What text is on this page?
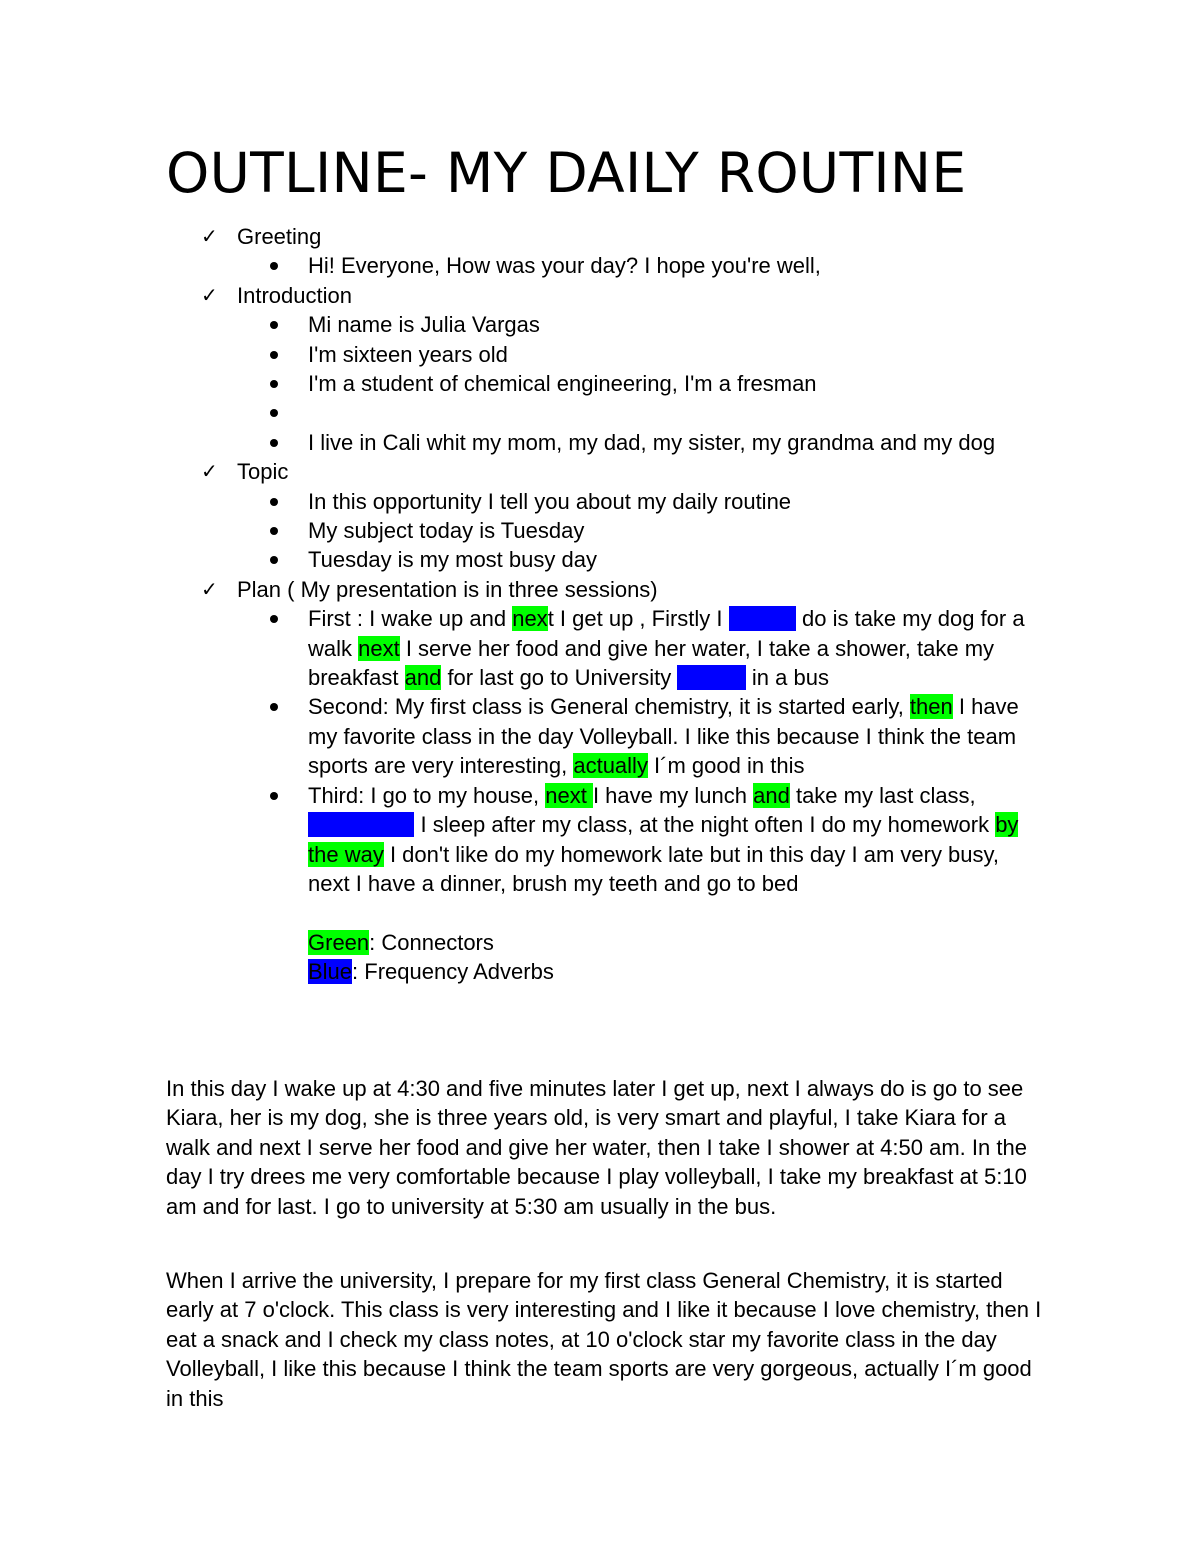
OUTLINE- MY DAILY ROUTINE
✓ Greeting
Hi! Everyone, How was your day? I hope you're well,
✓ Introduction
Mi name is Julia Vargas
I'm sixteen years old
I'm a student of chemical engineering, I'm a fresman
I live in Cali whit my mom, my dad, my sister, my grandma and my dog
✓ Topic
In this opportunity I tell you about my daily routine
My subject today is Tuesday
Tuesday is my most busy day
✓ Plan ( My presentation is in three sessions)
First : I wake up and next I get up , Firstly I always do is take my dog for a walk next I serve her food and give her water, I take a shower, take my breakfast and for last go to University usually in a bus
Second: My first class is General chemistry, it is started early, then I have my favorite class in the day Volleyball. I like this because I think the team sports are very interesting, actually I´m good in this
Third: I go to my house, next I have my lunch and take my last class, sometimes I sleep after my class, at the night often I do my homework by the way I don't like do my homework late but in this day I am very busy, next I have a dinner, brush my teeth and go to bed
Green: Connectors
Blue: Frequency Adverbs

In this day I wake up at 4:30 and five minutes later I get up, next I always do is go to see Kiara, her is my dog, she is three years old, is very smart and playful, I take Kiara for a walk and next I serve her food and give her water, then I take I shower at 4:50 am. In the day I try drees me very comfortable because I play volleyball, I take my breakfast at 5:10 am and for last. I go to university at 5:30 am usually in the bus.

When I arrive the university, I prepare for my first class General Chemistry, it is started early at 7 o'clock. This class is very interesting and I like it because I love chemistry, then I eat a snack and I check my class notes, at 10 o'clock star my favorite class in the day Volleyball, I like this because I think the team sports are very gorgeous, actually I´m good in this
